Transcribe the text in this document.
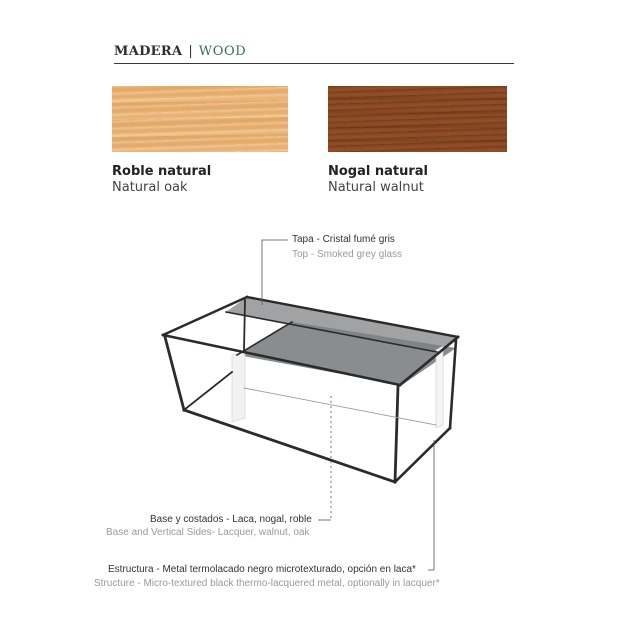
MADERA | WOOD
Roble natural
Natural oak
Nogal natural
Natural walnut
Tapa - Cristal fumé gris
Top - Smoked grey glass
Base y costados - Laca, nogal, roble
Base and Vertical Sides- Lacquer, walnut, oak
Estructura - Metal termolacado negro microtexturado, opción en laca*
Structure - Micro-textured black thermo-lacquered metal, optionally in lacquer*
